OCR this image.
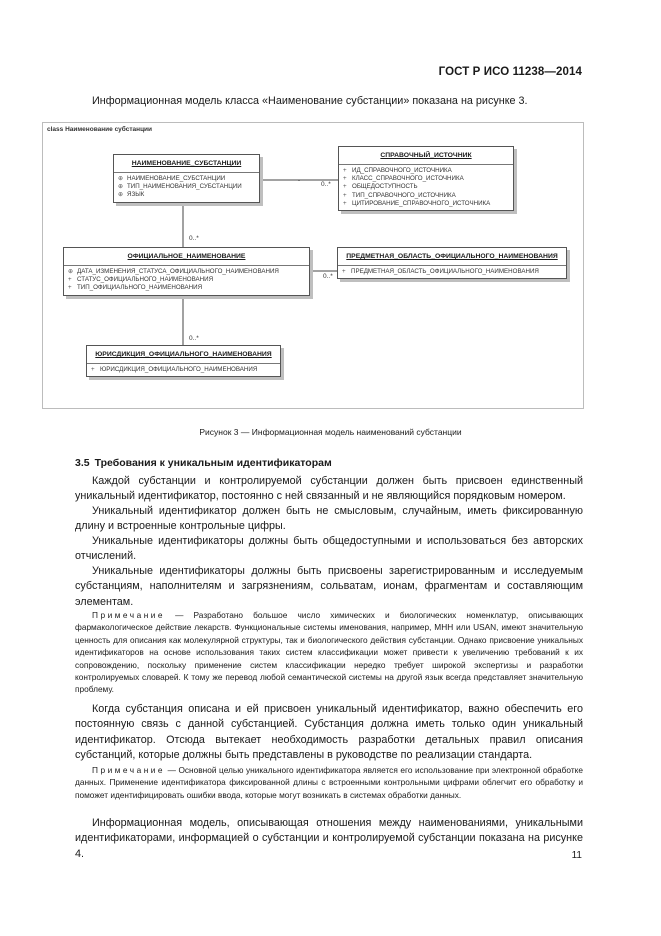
ГОСТ Р ИСО 11238—2014
Информационная модель класса «Наименование субстанции» показана на рисунке 3.
class Наименование субстанции
НАИМЕНОВАНИЕ_СУБСТАНЦИИ
⊕ НАИМЕНОВАНИЕ_СУБСТАНЦИИ
⊕ ТИП_НАИМЕНОВАНИЯ_СУБСТАНЦИИ
⊕ ЯЗЫК
СПРАВОЧНЫЙ_ИСТОЧНИК
+ ИД_СПРАВОЧНОГО_ИСТОЧНИКА
+ КЛАСС_СПРАВОЧНОГО_ИСТОЧНИКА
+ ОБЩЕДОСТУПНОСТЬ
+ ТИП_СПРАВОЧНОГО_ИСТОЧНИКА
+ ЦИТИРОВАНИЕ_СПРАВОЧНОГО_ИСТОЧНИКА
0..*
0..*
ОФИЦИАЛЬНОЕ_НАИМЕНОВАНИЕ
⊕ ДАТА_ИЗМЕНЕНИЯ_СТАТУСА_ОФИЦИАЛЬНОГО_НАИМЕНОВАНИЯ
+ СТАТУС_ОФИЦИАЛЬНОГО_НАИМЕНОВАНИЯ
+ ТИП_ОФИЦИАЛЬНОГО_НАИМЕНОВАНИЯ
0..*
ПРЕДМЕТНАЯ_ОБЛАСТЬ_ОФИЦИАЛЬНОГО_НАИМЕНОВАНИЯ
+ ПРЕДМЕТНАЯ_ОБЛАСТЬ_ОФИЦИАЛЬНОГО_НАИМЕНОВАНИЯ
0..*
ЮРИСДИКЦИЯ_ОФИЦИАЛЬНОГО_НАИМЕНОВАНИЯ
+ ЮРИСДИКЦИЯ_ОФИЦИАЛЬНОГО_НАИМЕНОВАНИЯ
Рисунок 3 — Информационная модель наименований субстанции
3.5 Требования к уникальным идентификаторам

Каждой субстанции и контролируемой субстанции должен быть присвоен единственный уникальный идентификатор, постоянно с ней связанный и не являющийся порядковым номером.

Уникальный идентификатор должен быть не смысловым, случайным, иметь фиксированную длину и встроенные контрольные цифры.

Уникальные идентификаторы должны быть общедоступными и использоваться без авторских отчислений.

Уникальные идентификаторы должны быть присвоены зарегистрированным и исследуемым субстанциям, наполнителям и загрязнениям, сольватам, ионам, фрагментам и составляющим элементам.

Примечание — Разработано большое число химических и биологических номенклатур, описывающих фармакологическое действие лекарств. Функциональные системы именования, например, МНН или USAN, имеют значительную ценность для описания как молекулярной структуры, так и биологического действия субстанции. Однако присвоение уникальных идентификаторов на основе использования таких систем классификации может привести к увеличению требований к их сопровождению, поскольку применение систем классификации нередко требует широкой экспертизы и разработки контролируемых словарей. К тому же перевод любой семантической системы на другой язык всегда представляет значительную проблему.

Когда субстанция описана и ей присвоен уникальный идентификатор, важно обеспечить его постоянную связь с данной субстанцией. Субстанция должна иметь только один уникальный идентификатор. Отсюда вытекает необходимость разработки детальных правил описания субстанций, которые должны быть представлены в руководстве по реализации стандарта.

Примечание — Основной целью уникального идентификатора является его использование при электронной обработке данных. Применение идентификатора фиксированной длины с встроенными контрольными цифрами облегчит его обработку и поможет идентифицировать ошибки ввода, которые могут возникать в системах обработки данных.

Информационная модель, описывающая отношения между наименованиями, уникальными идентификаторами, информацией о субстанции и контролируемой субстанции показана на рисунке 4.	11
